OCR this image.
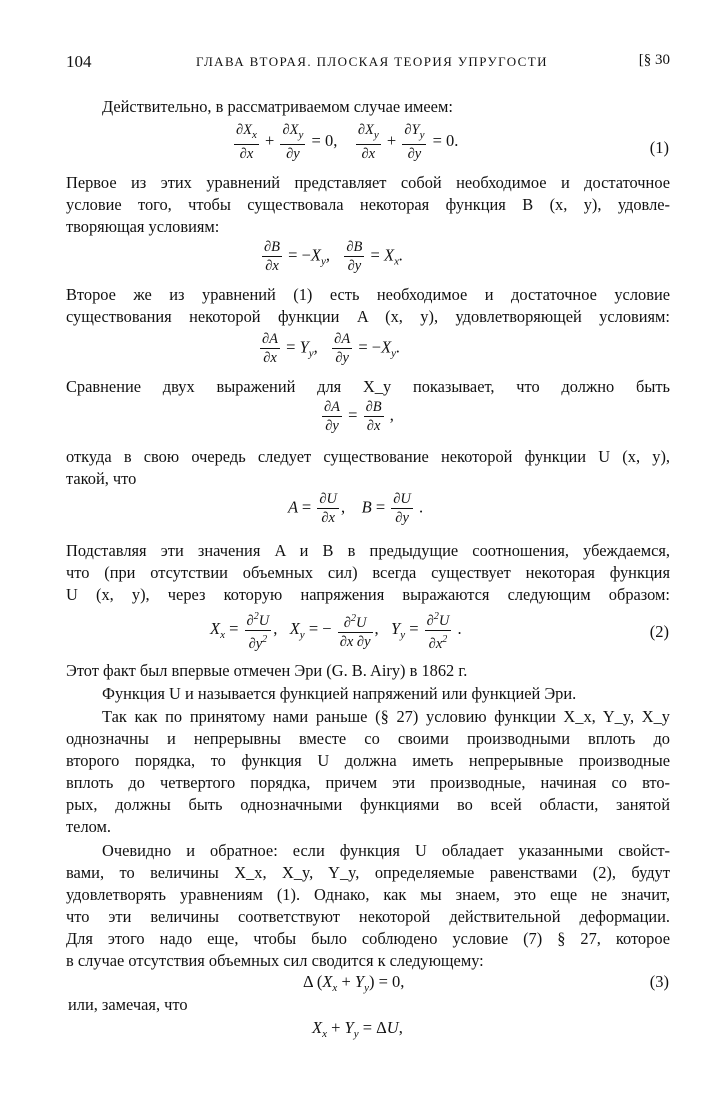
104	ГЛАВА ВТОРАЯ. ПЛОСКАЯ ТЕОРИЯ УПРУГОСТИ	[§ 30
Действительно, в рассматриваемом случае имеем:
$\frac{\partial X_x}{\partial x} + \frac{\partial X_y}{\partial y} = 0$, $\frac{\partial X_y}{\partial x} + \frac{\partial Y_y}{\partial y} = 0$.	(1)
Первое из этих уравнений представляет собой необходимое и достаточное
условие того, чтобы существовала некоторая функция B (x, y), удовле-
творяющая условиям:
$\frac{\partial B}{\partial x} = -X_y$, $\frac{\partial B}{\partial y} = X_x$.
Второе же из уравнений (1) есть необходимое и достаточное условие
существования некоторой функции A (x, y), удовлетворяющей условиям:
$\frac{\partial A}{\partial x} = Y_y$, $\frac{\partial A}{\partial y} = -X_y$.
Сравнение двух выражений для X_y показывает, что должно быть
$\frac{\partial A}{\partial y} = \frac{\partial B}{\partial x}$ ,
откуда в свою очередь следует существование некоторой функции U (x, y),
такой, что
$A = \frac{\partial U}{\partial x}$ ,    $B = \frac{\partial U}{\partial y}$ .
Подставляя эти значения A и B в предыдущие соотношения, убеждаемся,
что (при отсутствии объемных сил) всегда существует некоторая функция
U (x, y), через которую напряжения выражаются следующим образом:
$X_x = \frac{\partial^2U}{\partial y^2}$ ,   $X_y$ = − $\frac{\partial^2U}{\partial x \partial y}$ ,   $Y_y = \frac{\partial^2U}{\partial x^2}$ .	(2)
Этот факт был впервые отмечен Эри (G. B. Airy) в 1862 г.
Функция U и называется функцией напряжений или функцией Эри.
Так как по принятому нами раньше (§ 27) условию функции X_x, Y_y, X_y
однозначны и непрерывны вместе со своими производными вплоть до
второго порядка, то функция U должна иметь непрерывные производные
вплоть до четвертого порядка, причем эти производные, начиная со вто-
рых, должны быть однозначными функциями во всей области, занятой
телом.
Очевидно и обратное: если функция U обладает указанными свойст-
вами, то величины X_x, X_y, Y_y, определяемые равенствами (2), будут
удовлетворять уравнениям (1). Однако, как мы знаем, это еще не значит,
что эти величины соответствуют некоторой действительной деформации.
Для этого надо еще, чтобы было соблюдено условие (7) § 27, которое
в случае отсутствия объемных сил сводится к следующему:
Δ $(X_x + Y_y) = 0$,	(3)
или, замечая, что
$X_x + Y_y = \Delta U$,
